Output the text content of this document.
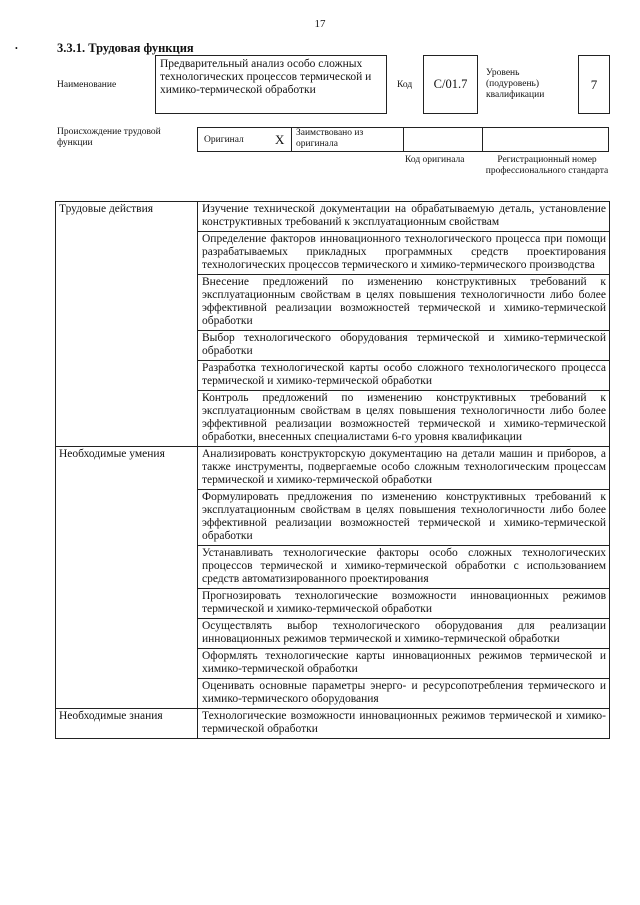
17
•	3.3.1. Трудовая функция
Наименование
Предварительный анализ особо сложных технологических процессов термической и химико-термической обработки	Код	С/01.7
Уровень (подуровень) квалификации
7
Происхождение трудовой функции	Оригинал X Заимствовано из оригинала
Код оригинала	Регистрационный номер профессионального стандарта
Трудовые действия	Изучение технической документации на обрабатываемую деталь, установление конструктивных требований к эксплуатационным свойствам
	Определение факторов инновационного технологического процесса при помощи разрабатываемых прикладных программных средств проектирования технологических процессов термического и химико-термического производства
	Внесение предложений по изменению конструктивных требований к эксплуатационным свойствам в целях повышения технологичности либо более эффективной реализации возможностей термической и химико-термической обработки
	Выбор технологического оборудования термической и химико-термической обработки
	Разработка технологической карты особо сложного технологического процесса термической и химико-термической обработки
	Контроль предложений по изменению конструктивных требований к эксплуатационным свойствам в целях повышения технологичности либо более эффективной реализации возможностей термической и химико-термической обработки, внесенных специалистами 6-го уровня квалификации
Необходимые умения	Анализировать конструкторскую документацию на детали машин и приборов, а также инструменты, подвергаемые особо сложным технологическим процессам термической и химико-термической обработки
	Формулировать предложения по изменению конструктивных требований к эксплуатационным свойствам в целях повышения технологичности либо более эффективной реализации возможностей термической и химико-термической обработки
	Устанавливать технологические факторы особо сложных технологических процессов термической и химико-термической обработки с использованием средств автоматизированного проектирования
	Прогнозировать технологические возможности инновационных режимов термической и химико-термической обработки
	Осуществлять выбор технологического оборудования для реализации инновационных режимов термической и химико-термической обработки
	Оформлять технологические карты инновационных режимов термической и химико-термической обработки
	Оценивать основные параметры энерго- и ресурсопотребления термического и химико-термического оборудования
Необходимые знания	Технологические возможности инновационных режимов термической и химико-термической обработки
